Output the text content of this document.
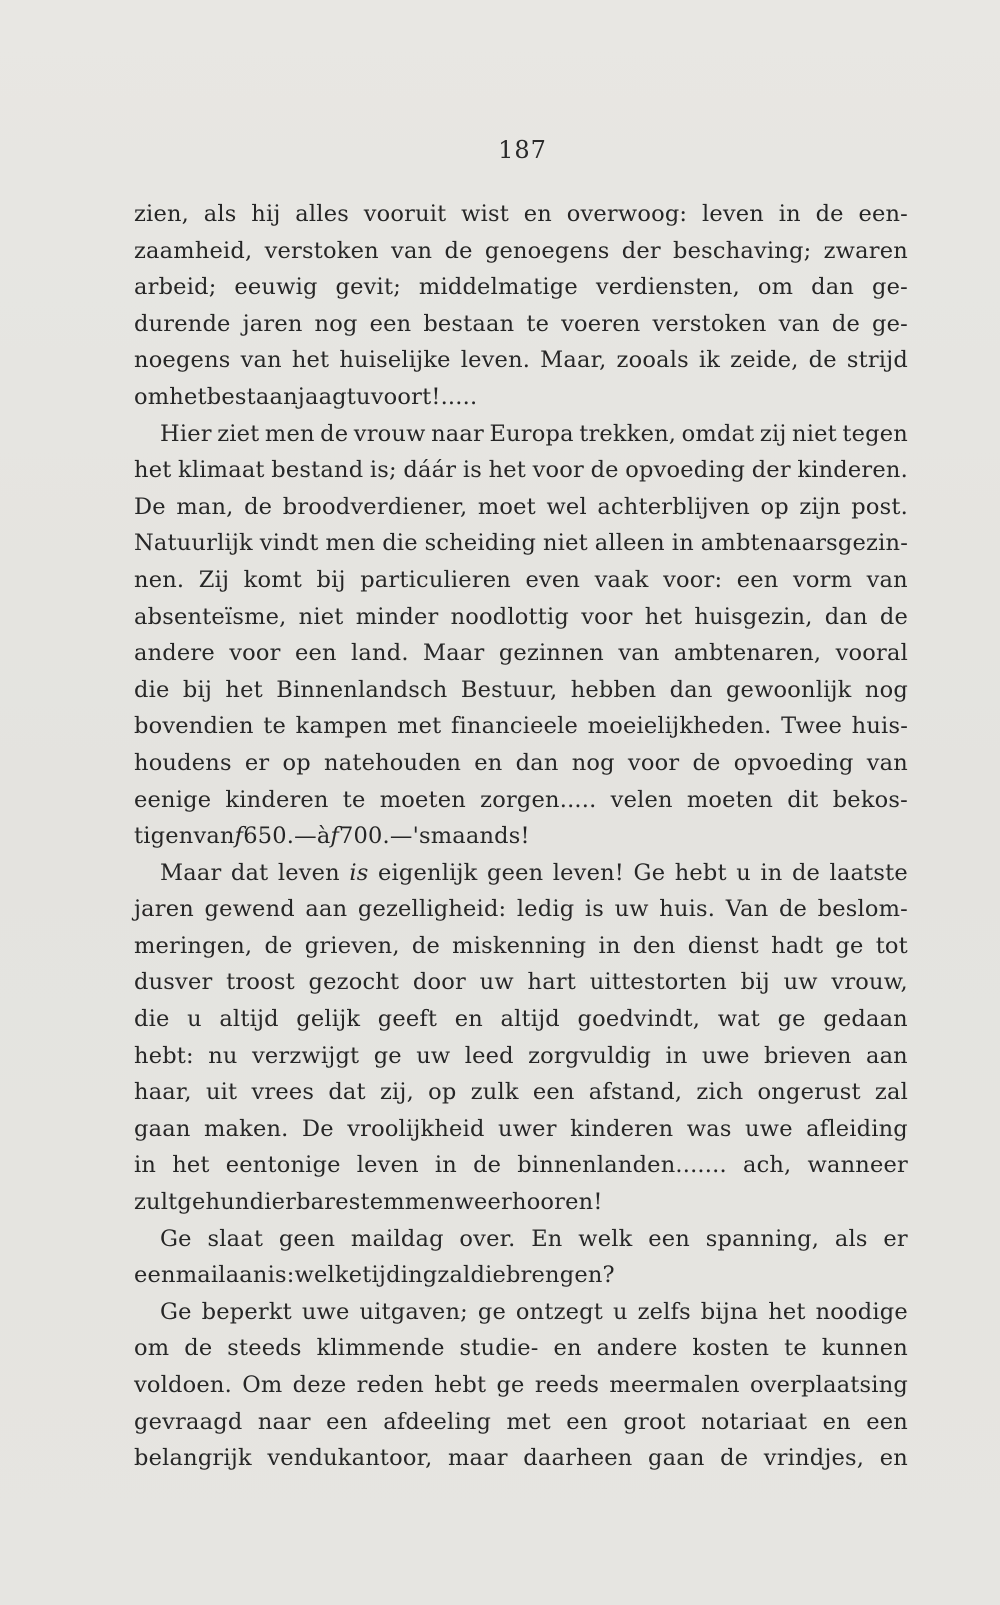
187
zien, als hij alles vooruit wist en overwoog: leven in de een-
zaamheid, verstoken van de genoegens der beschaving; zwaren
arbeid; eeuwig gevit; middelmatige verdiensten, om dan ge-
durende jaren nog een bestaan te voeren verstoken van de ge-
noegens van het huiselijke leven. Maar, zooals ik zeide, de strijd
om het bestaan jaagt u voort!.....
Hier ziet men de vrouw naar Europa trekken, omdat zij niet tegen
het klimaat bestand is; dáár is het voor de opvoeding der kinderen.
De man, de broodverdiener, moet wel achterblijven op zijn post.
Natuurlijk vindt men die scheiding niet alleen in ambtenaarsgezin-
nen. Zij komt bij particulieren even vaak voor: een vorm van
absenteïsme, niet minder noodlottig voor het huisgezin, dan de
andere voor een land. Maar gezinnen van ambtenaren, vooral
die bij het Binnenlandsch Bestuur, hebben dan gewoonlijk nog
bovendien te kampen met financieele moeielijkheden. Twee huis-
houdens er op natehouden en dan nog voor de opvoeding van
eenige kinderen te moeten zorgen..... velen moeten dit bekos-
tigen van f 650.— à f 700.— 's maands!
Maar dat leven is eigenlijk geen leven! Ge hebt u in de laatste
jaren gewend aan gezelligheid: ledig is uw huis. Van de beslom-
meringen, de grieven, de miskenning in den dienst hadt ge tot
dusver troost gezocht door uw hart uittestorten bij uw vrouw,
die u altijd gelijk geeft en altijd goedvindt, wat ge gedaan
hebt: nu verzwijgt ge uw leed zorgvuldig in uwe brieven aan
haar, uit vrees dat zij, op zulk een afstand, zich ongerust zal
gaan maken. De vroolijkheid uwer kinderen was uwe afleiding
in het eentonige leven in de binnenlanden....... ach, wanneer
zult ge hun dierbare stemmen weer hooren!
Ge slaat geen maildag over. En welk een spanning, als er
een mail aan is: welke tijding zal die brengen?
Ge beperkt uwe uitgaven; ge ontzegt u zelfs bijna het noodige
om de steeds klimmende studie- en andere kosten te kunnen
voldoen. Om deze reden hebt ge reeds meermalen overplaatsing
gevraagd naar een afdeeling met een groot notariaat en een
belangrijk vendukantoor, maar daarheen gaan de vrindjes, en
